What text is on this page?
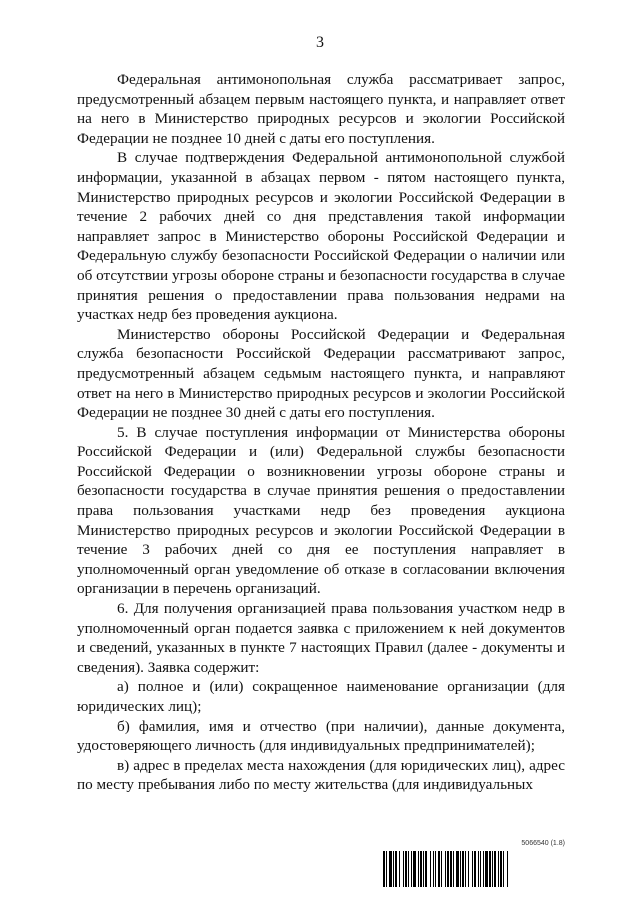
3

Федеральная антимонопольная служба рассматривает запрос, предусмотренный абзацем первым настоящего пункта, и направляет ответ на него в Министерство природных ресурсов и экологии Российской Федерации не позднее 10 дней с даты его поступления.

В случае подтверждения Федеральной антимонопольной службой информации, указанной в абзацах первом - пятом настоящего пункта, Министерство природных ресурсов и экологии Российской Федерации в течение 2 рабочих дней со дня представления такой информации направляет запрос в Министерство обороны Российской Федерации и Федеральную службу безопасности Российской Федерации о наличии или об отсутствии угрозы обороне страны и безопасности государства в случае принятия решения о предоставлении права пользования недрами на участках недр без проведения аукциона.

Министерство обороны Российской Федерации и Федеральная служба безопасности Российской Федерации рассматривают запрос, предусмотренный абзацем седьмым настоящего пункта, и направляют ответ на него в Министерство природных ресурсов и экологии Российской Федерации не позднее 30 дней с даты его поступления.

5. В случае поступления информации от Министерства обороны Российской Федерации и (или) Федеральной службы безопасности Российской Федерации о возникновении угрозы обороне страны и безопасности государства в случае принятия решения о предоставлении права пользования участками недр без проведения аукциона Министерство природных ресурсов и экологии Российской Федерации в течение 3 рабочих дней со дня ее поступления направляет в уполномоченный орган уведомление об отказе в согласовании включения организации в перечень организаций.

6. Для получения организацией права пользования участком недр в уполномоченный орган подается заявка с приложением к ней документов и сведений, указанных в пункте 7 настоящих Правил (далее - документы и сведения). Заявка содержит:

а) полное и (или) сокращенное наименование организации (для юридических лиц);

б) фамилия, имя и отчество (при наличии), данные документа, удостоверяющего личность (для индивидуальных предпринимателей);

в) адрес в пределах места нахождения (для юридических лиц), адрес по месту пребывания либо по месту жительства (для индивидуальных

5066540 (1.8)
